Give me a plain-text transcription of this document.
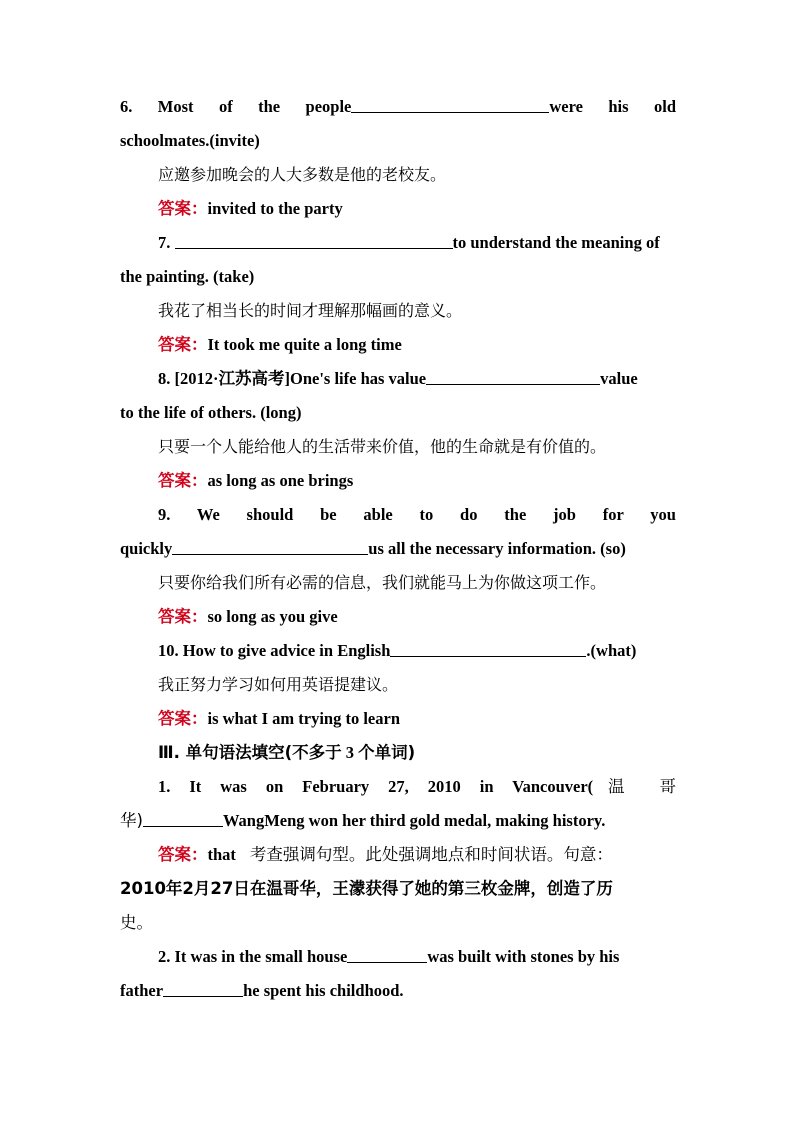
6. Most of the people	were his old
schoolmates.(invite)
应邀参加晚会的人大多数是他的老校友。
答案：invited to the party
7.	to understand the meaning of
the painting. (take)
我花了相当长的时间才理解那幅画的意义。
答案：It took me quite a long time
8. [2012·江苏高考]One's life has value	value
to the life of others. (long)
只要一个人能给他人的生活带来价值，他的生命就是有价值的。
答案：as long as one brings
9. We should be able to do the job for you
quickly	us all the necessary information. (so)
只要你给我们所有必需的信息，我们就能马上为你做这项工作。
答案：so long as you give
10. How to give advice in English	.(what)
我正努力学习如何用英语提建议。
答案：is what I am trying to learn
Ⅲ. 单句语法填空(不多于 3 个单词)
1. It was on February 27, 2010 in Vancouver(温 哥
华)	WangMeng won her third gold medal, making history.
答案：that 考查强调句型。此处强调地点和时间状语。句意：
2010年2月27日在温哥华，王濛获得了她的第三枚金牌，创造了历
史。
2. It was in the small house	was built with stones by his
father	he spent his childhood.
